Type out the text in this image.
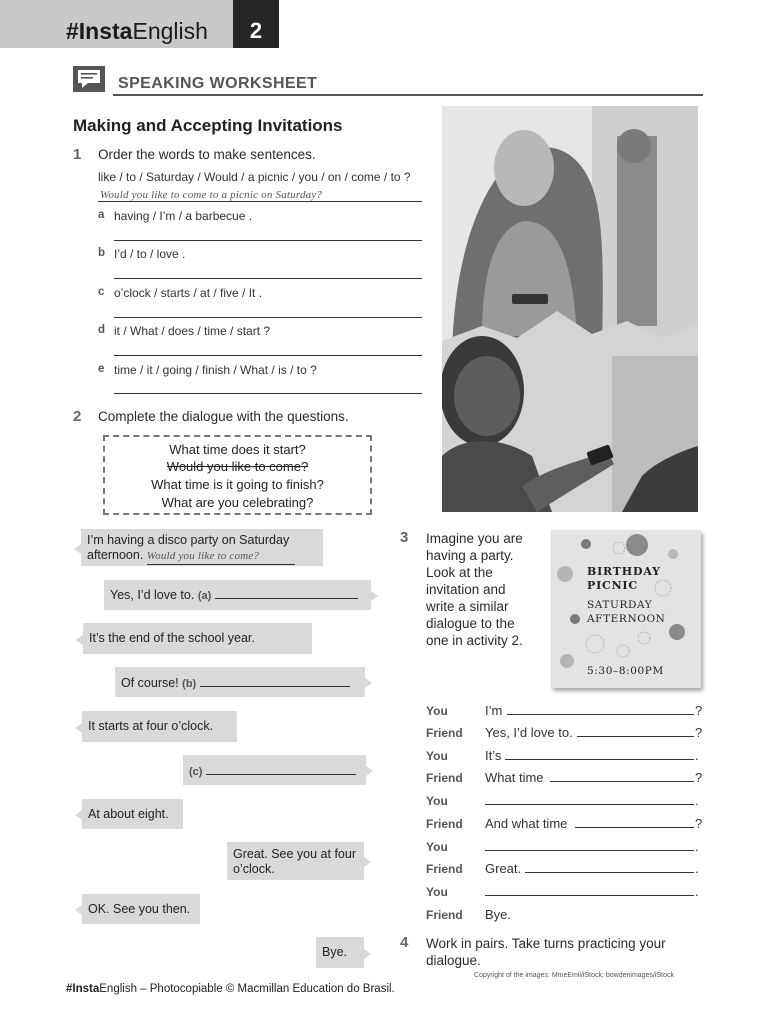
#InstaEnglish	2
SPEAKING WORKSHEET
Making and Accepting Invitations
1 Order the words to make sentences.
like / to / Saturday / Would / a picnic / you / on / come / to ?
Would you like to come to a picnic on Saturday?
a having / I’m / a barbecue .
b I’d / to / love .
c o’clock / starts / at / five / It .
d it / What / does / time / start ?
e time / it / going / finish / What / is / to ?
2 Complete the dialogue with the questions.
What time does it start?
Would you like to come?
What time is it going to finish?
What are you celebrating?
I’m having a disco party on Saturday
afternoon. Would you like to come?
Yes, I’d love to. (a)
It’s the end of the school year.
Of course! (b)
It starts at four o’clock.
(c)
At about eight.
Great. See you at four
o’clock.
OK. See you then.
Bye.
3 Imagine you are
having a party.
Look at the
invitation and
write a similar
dialogue to the
one in activity 2.
BIRTHDAY
PICNIC
SATURDAY
AFTERNOON
5:30–8:00PM
You	I’m	?
Friend Yes, I’d love to.	?
You	It’s	.
Friend What time	?
You	.
Friend And what time	?
You	.
Friend Great.	.
You	.
Friend Bye.
4 Work in pairs. Take turns practicing your
dialogue.
Copyright of the images: MmeEmil/iStock; bowdenimages/iStock
#InstaEnglish – Photocopiable © Macmillan Education do Brasil.
